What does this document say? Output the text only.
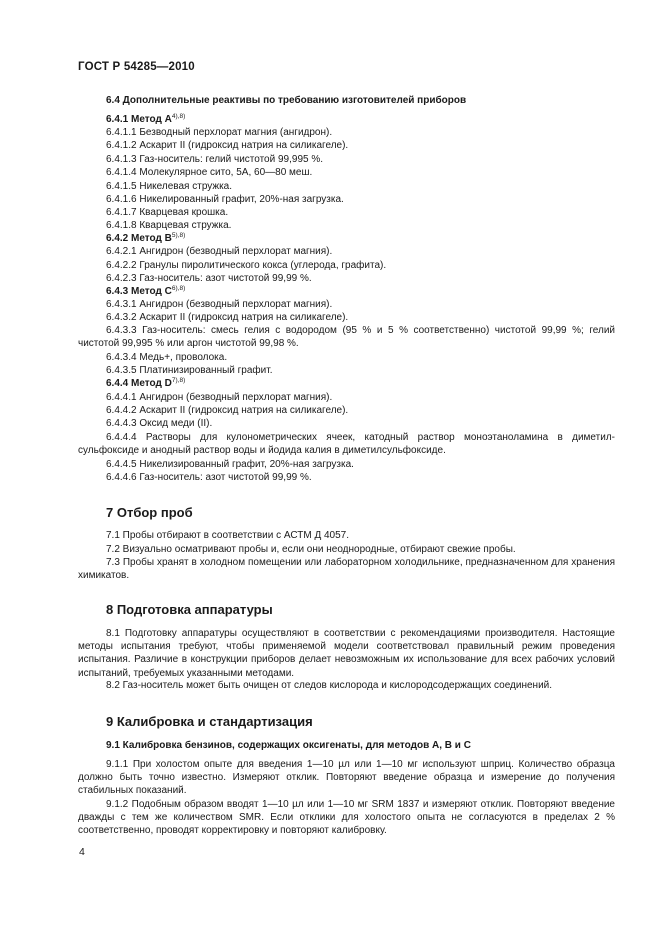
ГОСТ Р 54285—2010
6.4 Дополнительные реактивы по требованию изготовителей приборов
6.4.1 Метод $А^{4),8)}$
6.4.1.1 Безводный перхлорат магния (ангидрон).
6.4.1.2 Аскарит II (гидроксид натрия на силикагеле).
6.4.1.3 Газ-носитель: гелий чистотой 99,995 %.
6.4.1.4 Молекулярное сито, 5А, 60—80 меш.
6.4.1.5 Никелевая стружка.
6.4.1.6 Никелированный графит, 20%-ная загрузка.
6.4.1.7 Кварцевая крошка.
6.4.1.8 Кварцевая стружка.
6.4.2 Метод $В^{5),8)}$
6.4.2.1 Ангидрон (безводный перхлорат магния).
6.4.2.2 Гранулы пиролитического кокса (углерода, графита).
6.4.2.3 Газ-носитель: азот чистотой 99,99 %.
6.4.3 Метод $С^{6),8)}$
6.4.3.1 Ангидрон (безводный перхлорат магния).
6.4.3.2 Аскарит II (гидроксид натрия на силикагеле).
6.4.3.3 Газ-носитель: смесь гелия с водородом (95 % и 5 % соответственно) чистотой 99,99 %; гелий чистотой 99,995 % или аргон чистотой 99,98 %.
6.4.3.4 Медь+, проволока.
6.4.3.5 Платинизированный графит.
6.4.4 Метод $D^{7),8)}$
6.4.4.1 Ангидрон (безводный перхлорат магния).
6.4.4.2 Аскарит II (гидроксид натрия на силикагеле).
6.4.4.3 Оксид меди (II).
6.4.4.4 Растворы для кулонометрических ячеек, катодный раствор моноэтаноламина в диметил-сульфоксиде и анодный раствор воды и йодида калия в диметилсульфоксиде.
6.4.4.5 Никелизированный графит, 20%-ная загрузка.
6.4.4.6 Газ-носитель: азот чистотой 99,99 %.
7 Отбор проб
7.1 Пробы отбирают в соответствии с АСТМ Д 4057.
7.2 Визуально осматривают пробы и, если они неоднородные, отбирают свежие пробы.
7.3 Пробы хранят в холодном помещении или лабораторном холодильнике, предназначенном для хранения химикатов.
8 Подготовка аппаратуры
8.1 Подготовку аппаратуры осуществляют в соответствии с рекомендациями производителя. Настоящие методы испытания требуют, чтобы применяемой модели соответствовал правильный режим проведения испытания. Различие в конструкции приборов делает невозможным их использование для всех рабочих условий испытаний, требуемых указанными методами.
8.2 Газ-носитель может быть очищен от следов кислорода и кислородсодержащих соединений.
9 Калибровка и стандартизация
9.1 Калибровка бензинов, содержащих оксигенаты, для методов А, В и С
9.1.1 При холостом опыте для введения 1—10 µл или 1—10 мг используют шприц. Количество образца должно быть точно известно. Измеряют отклик. Повторяют введение образца и измерение до получения стабильных показаний.
9.1.2 Подобным образом вводят 1—10 µл или 1—10 мг SRM 1837 и измеряют отклик. Повторяют введение дважды с тем же количеством SMR. Если отклики для холостого опыта не согласуются в пределах 2 % соответственно, проводят корректировку и повторяют калибровку.
4
